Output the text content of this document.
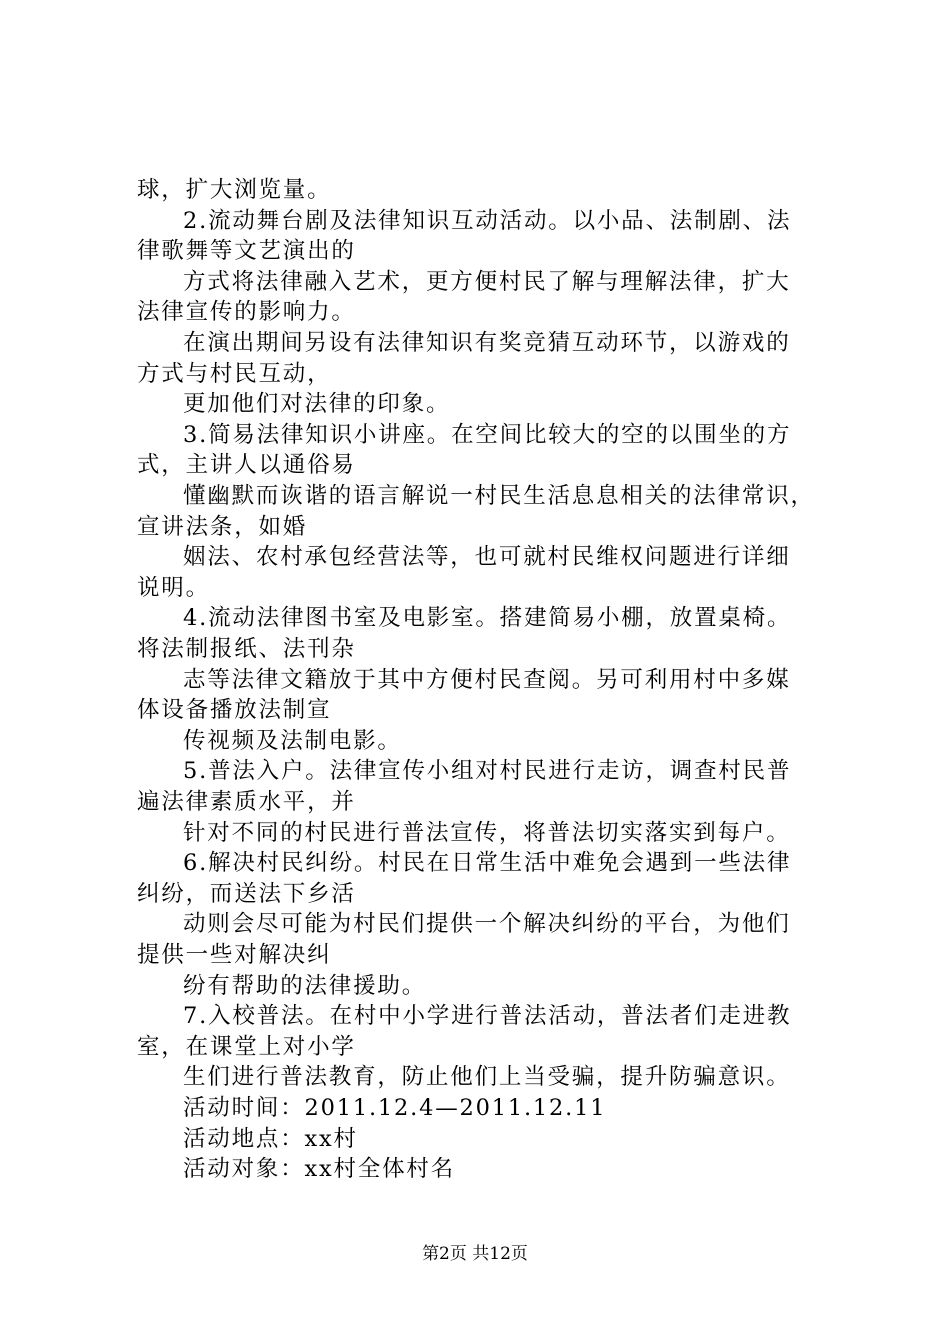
球，扩大浏览量。
2.流动舞台剧及法律知识互动活动。以小品、法制剧、法
律歌舞等文艺演出的
方式将法律融入艺术，更方便村民了解与理解法律，扩大
法律宣传的影响力。
在演出期间另设有法律知识有奖竞猜互动环节，以游戏的
方式与村民互动，
更加他们对法律的印象。
3.简易法律知识小讲座。在空间比较大的空的以围坐的方
式，主讲人以通俗易
懂幽默而诙谐的语言解说一村民生活息息相关的法律常识，
宣讲法条，如婚
姻法、农村承包经营法等，也可就村民维权问题进行详细
说明。
4.流动法律图书室及电影室。搭建简易小棚，放置桌椅。
将法制报纸、法刊杂
志等法律文籍放于其中方便村民查阅。另可利用村中多媒
体设备播放法制宣
传视频及法制电影。
5.普法入户。法律宣传小组对村民进行走访，调查村民普
遍法律素质水平，并
针对不同的村民进行普法宣传，将普法切实落实到每户。
6.解决村民纠纷。村民在日常生活中难免会遇到一些法律
纠纷，而送法下乡活
动则会尽可能为村民们提供一个解决纠纷的平台，为他们
提供一些对解决纠
纷有帮助的法律援助。
7.入校普法。在村中小学进行普法活动，普法者们走进教
室，在课堂上对小学
生们进行普法教育，防止他们上当受骗，提升防骗意识。
活动时间：2011.12.4—2011.12.11
活动地点：xx村
活动对象：xx村全体村名
第2页 共12页
